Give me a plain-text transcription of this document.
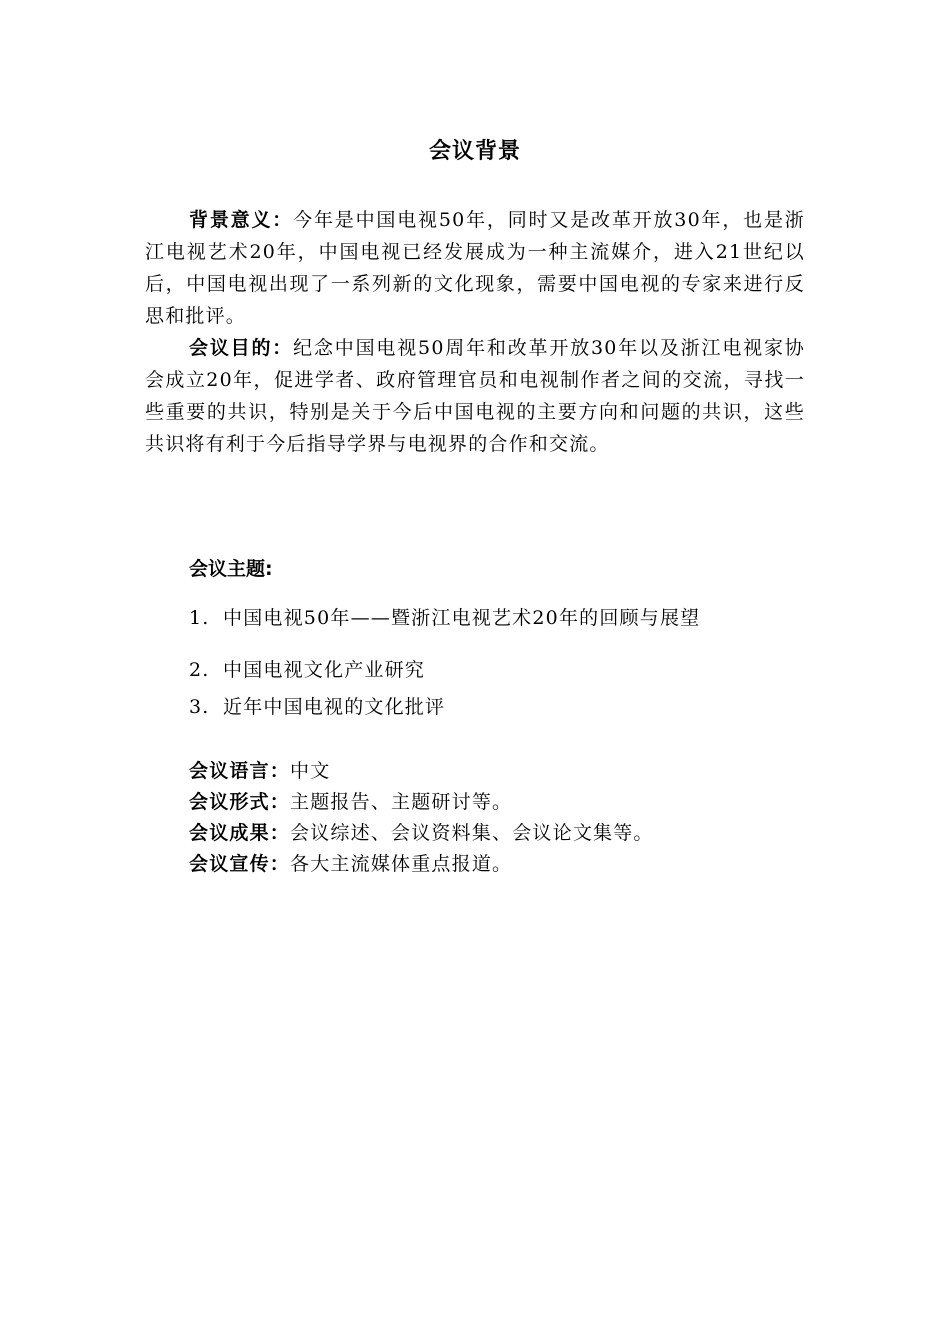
会议背景

背景意义：今年是中国电视50年，同时又是改革开放30年，也是浙江电视艺术20年，中国电视已经发展成为一种主流媒介，进入21世纪以后，中国电视出现了一系列新的文化现象，需要中国电视的专家来进行反思和批评。

会议目的：纪念中国电视50周年和改革开放30年以及浙江电视家协会成立20年，促进学者、政府管理官员和电视制作者之间的交流，寻找一些重要的共识，特别是关于今后中国电视的主要方向和问题的共识，这些共识将有利于今后指导学界与电视界的合作和交流。

会议主题:

1. 中国电视50年——暨浙江电视艺术20年的回顾与展望

2. 中国电视文化产业研究

3. 近年中国电视的文化批评

会议语言：中文

会议形式：主题报告、主题研讨等。

会议成果：会议综述、会议资料集、会议论文集等。

会议宣传：各大主流媒体重点报道。
